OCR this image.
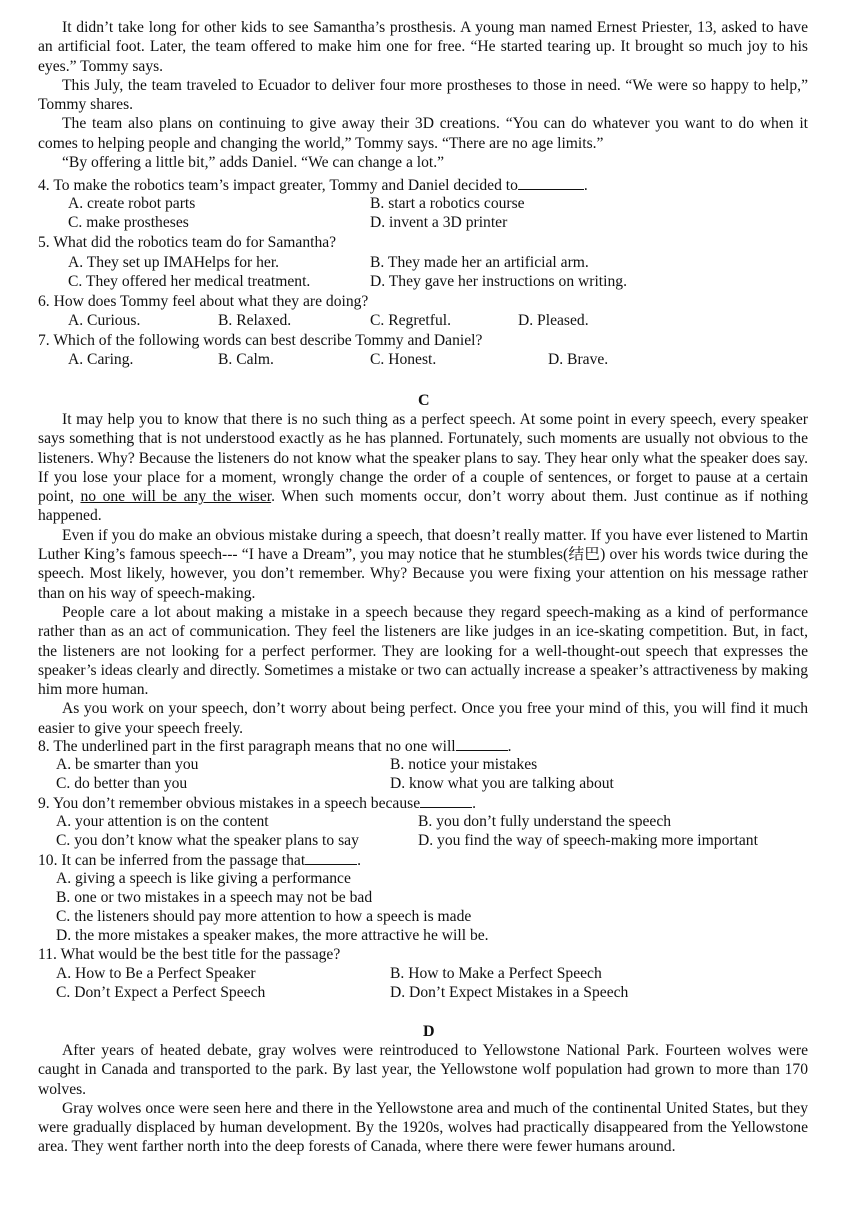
It didn’t take long for other kids to see Samantha’s prosthesis. A young man named Ernest Priester, 13, asked to have an artificial foot. Later, the team offered to make him one for free. “He started tearing up. It brought so much joy to his eyes.” Tommy says.

This July, the team traveled to Ecuador to deliver four more prostheses to those in need. “We were so happy to help,” Tommy shares.

The team also plans on continuing to give away their 3D creations. “You can do whatever you want to do when it comes to helping people and changing the world,” Tommy says. “There are no age limits.”

“By offering a little bit,” adds Daniel. “We can change a lot.”

4. To make the robotics team’s impact greater, Tommy and Daniel decided to	.
A. create robot parts	B. start a robotics course
C. make prostheses	D. invent a 3D printer
5. What did the robotics team do for Samantha?
A. They set up IMAHelps for her.	B. They made her an artificial arm.
C. They offered her medical treatment.	D. They gave her instructions on writing.
6. How does Tommy feel about what they are doing?
A. Curious.	B. Relaxed.	C. Regretful.	D. Pleased.
7. Which of the following words can best describe Tommy and Daniel?
A. Caring.	B. Calm.	C. Honest.	D. Brave.
C

It may help you to know that there is no such thing as a perfect speech. At some point in every speech, every speaker says something that is not understood exactly as he has planned. Fortunately, such moments are usually not obvious to the listeners. Why? Because the listeners do not know what the speaker plans to say. They hear only what the speaker does say. If you lose your place for a moment, wrongly change the order of a couple of sentences, or forget to pause at a certain point, no one will be any the wiser. When such moments occur, don’t worry about them. Just continue as if nothing happened.

Even if you do make an obvious mistake during a speech, that doesn’t really matter. If you have ever listened to Martin Luther King’s famous speech--- “I have a Dream”, you may notice that he stumbles(结巴) over his words twice during the speech. Most likely, however, you don’t remember. Why? Because you were fixing your attention on his message rather than on his way of speech-making.

People care a lot about making a mistake in a speech because they regard speech-making as a kind of performance rather than as an act of communication. They feel the listeners are like judges in an ice-skating competition. But, in fact, the listeners are not looking for a perfect performer. They are looking for a well-thought-out speech that expresses the speaker’s ideas clearly and directly. Sometimes a mistake or two can actually increase a speaker’s attractiveness by making him more human.

As you work on your speech, don’t worry about being perfect. Once you free your mind of this, you will find it much easier to give your speech freely.

8. The underlined part in the first paragraph means that no one will	.
A. be smarter than you	B. notice your mistakes
C. do better than you	D. know what you are talking about
9. You don’t remember obvious mistakes in a speech because	.
A. your attention is on the content	B. you don’t fully understand the speech
C. you don’t know what the speaker plans to say	D. you find the way of speech-making more important
10. It can be inferred from the passage that	.
A. giving a speech is like giving a performance
B. one or two mistakes in a speech may not be bad
C. the listeners should pay more attention to how a speech is made
D. the more mistakes a speaker makes, the more attractive he will be.
11. What would be the best title for the passage?
A. How to Be a Perfect Speaker	B. How to Make a Perfect Speech
C. Don’t Expect a Perfect Speech	D. Don’t Expect Mistakes in a Speech
D

After years of heated debate, gray wolves were reintroduced to Yellowstone National Park. Fourteen wolves were caught in Canada and transported to the park. By last year, the Yellowstone wolf population had grown to more than 170 wolves.

Gray wolves once were seen here and there in the Yellowstone area and much of the continental United States, but they were gradually displaced by human development. By the 1920s, wolves had practically disappeared from the Yellowstone area. They went farther north into the deep forests of Canada, where there were fewer humans around.
